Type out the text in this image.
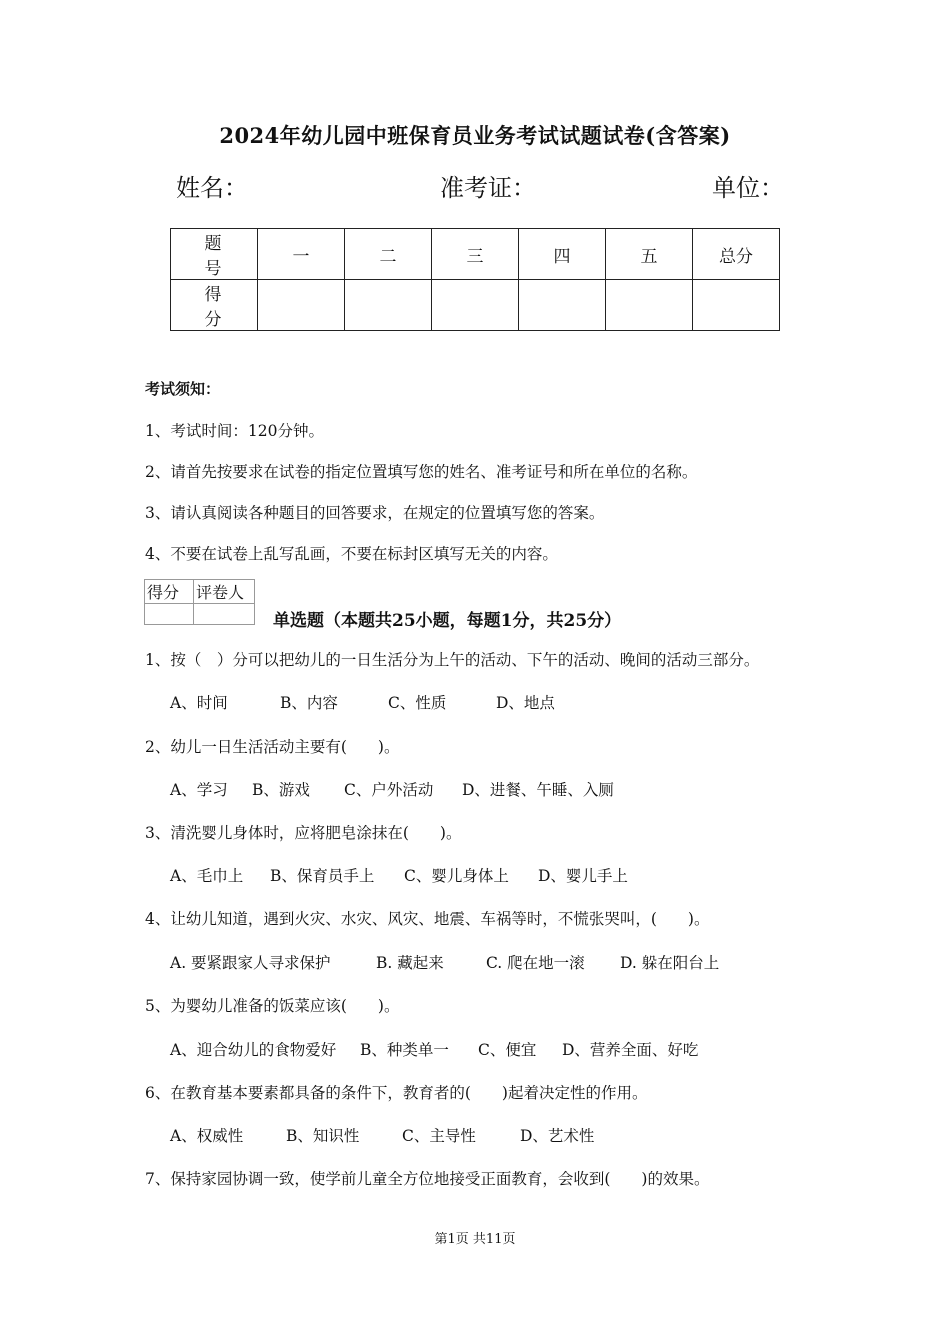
2024年幼儿园中班保育员业务考试试题试卷(含答案)
姓名：	准考证：	单位：
题　号	一	二	三	四	五	总分
得　分						
考试须知：
1、考试时间：120分钟。
2、请首先按要求在试卷的指定位置填写您的姓名、准考证号和所在单位的名称。
3、请认真阅读各种题目的回答要求，在规定的位置填写您的答案。
4、不要在试卷上乱写乱画，不要在标封区填写无关的内容。
得分	评卷人

单选题（本题共25小题，每题1分，共25分）
1、按（　）分可以把幼儿的一日生活分为上午的活动、下午的活动、晚间的活动三部分。
A、时间	B、内容	C、性质	D、地点
2、幼儿一日生活活动主要有(　　)。
A、学习 B、游戏 C、户外活动 D、进餐、午睡、入厕
3、清洗婴儿身体时，应将肥皂涂抹在(　　)。
A、毛巾上 B、保育员手上 C、婴儿身体上 D、婴儿手上
4、让幼儿知道，遇到火灾、水灾、风灾、地震、车祸等时，不慌张哭叫，(　　)。
A. 要紧跟家人寻求保护	B. 藏起来	C. 爬在地一滚 D. 躲在阳台上
5、为婴幼儿准备的饭菜应该(　　)。
A、迎合幼儿的食物爱好 B、种类单一 C、便宜 D、营养全面、好吃
6、在教育基本要素都具备的条件下，教育者的(　　)起着决定性的作用。
A、权威性	B、知识性	C、主导性	D、艺术性
7、保持家园协调一致，使学前儿童全方位地接受正面教育，会收到(　　)的效果。
第1页 共11页
